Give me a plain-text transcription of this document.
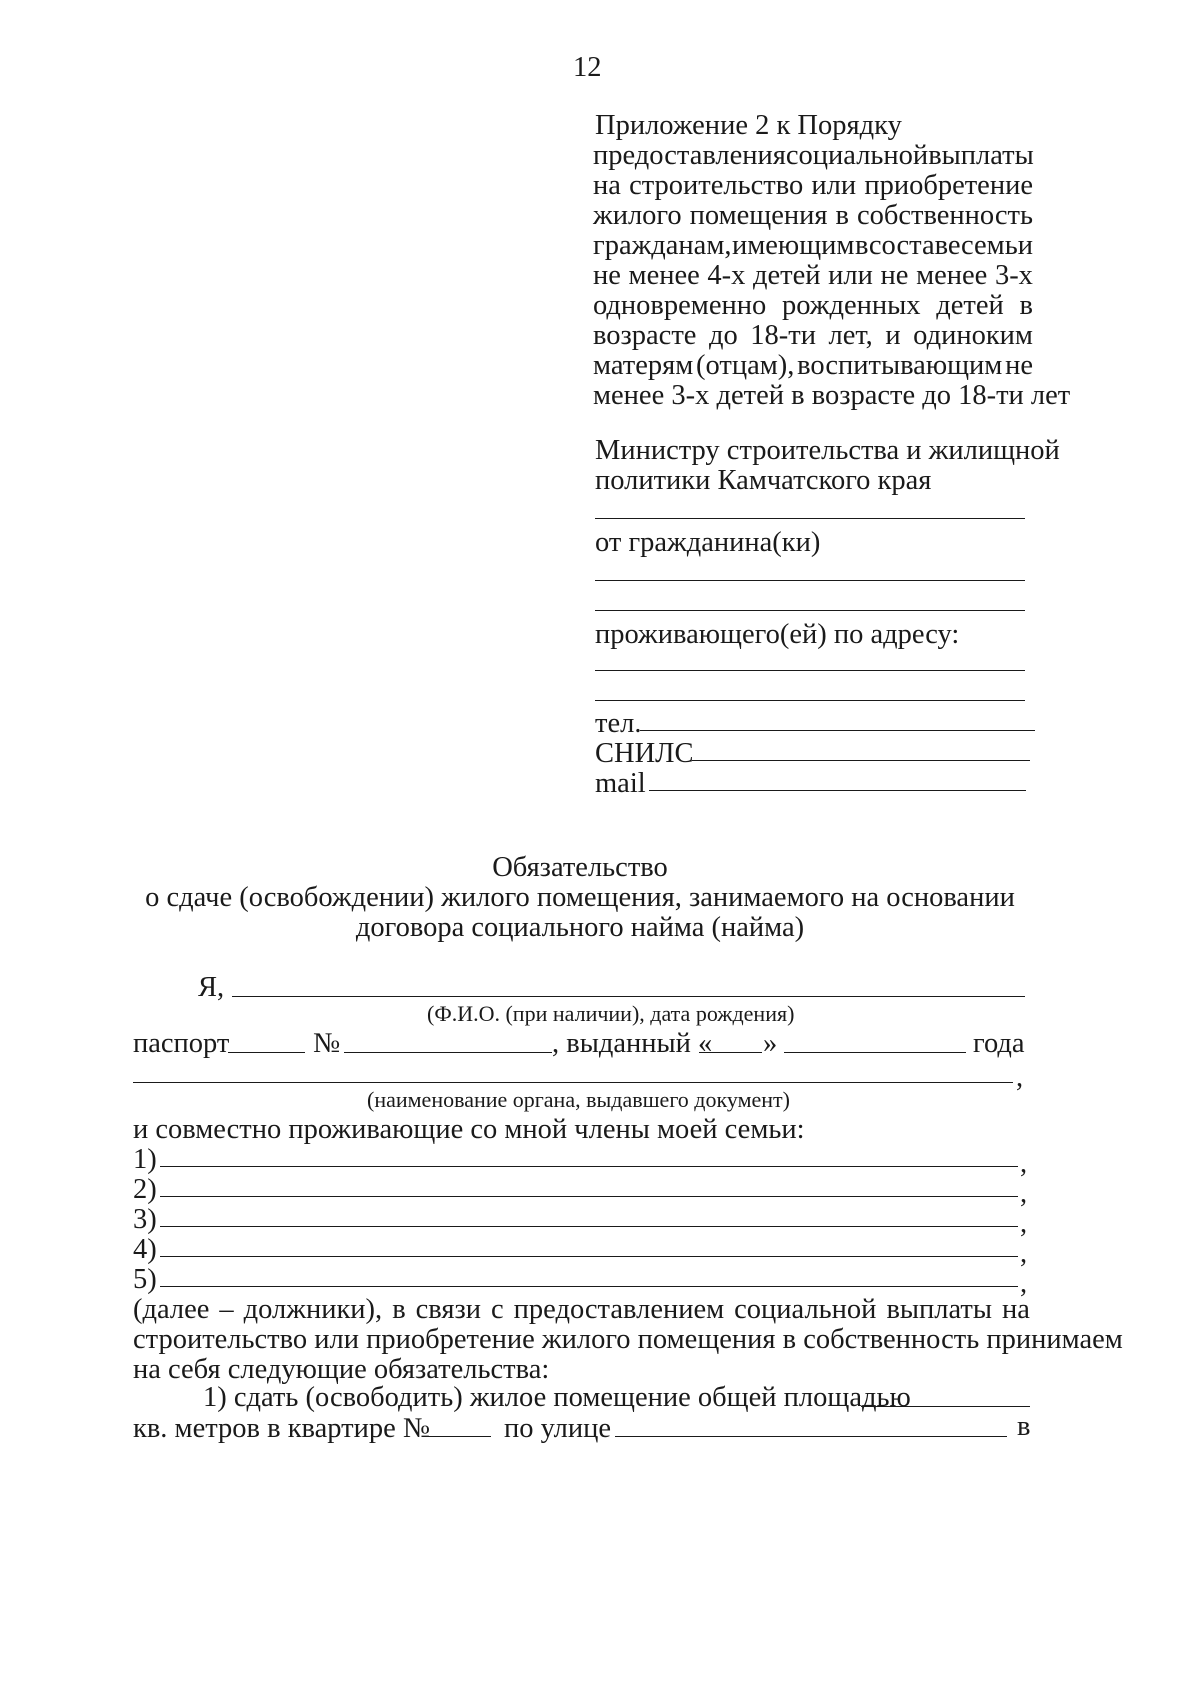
12
Приложение 2 к Порядку
предоставления социальной выплаты
на строительство или приобретение
жилого помещения в собственность
гражданам, имеющим в составе семьи
не менее 4-х детей или не менее 3-х
одновременно рожденных детей в
возрасте до 18-ти лет, и одиноким
матерям (отцам), воспитывающим не
менее 3-х детей в возрасте до 18-ти лет
Министру строительства и жилищной
политики Камчатского края
от гражданина(ки)
проживающего(ей) по адресу:
тел.
СНИЛС
mail
Обязательство
о сдаче (освобождении) жилого помещения, занимаемого на основании
договора социального найма (найма)
Я,
(Ф.И.О. (при наличии), дата рождения)
паспорт	№	, выданный « »	года
,
(наименование органа, выдавшего документ)
и совместно проживающие со мной члены моей семьи:
1)	,
2)	,
3)	,
4)	,
5)	,
(далее – должники), в связи с предоставлением социальной выплаты на
строительство или приобретение жилого помещения в собственность принимаем
на себя следующие обязательства:
1) сдать (освободить) жилое помещение общей площадью
кв. метров в квартире №	по улице	в
